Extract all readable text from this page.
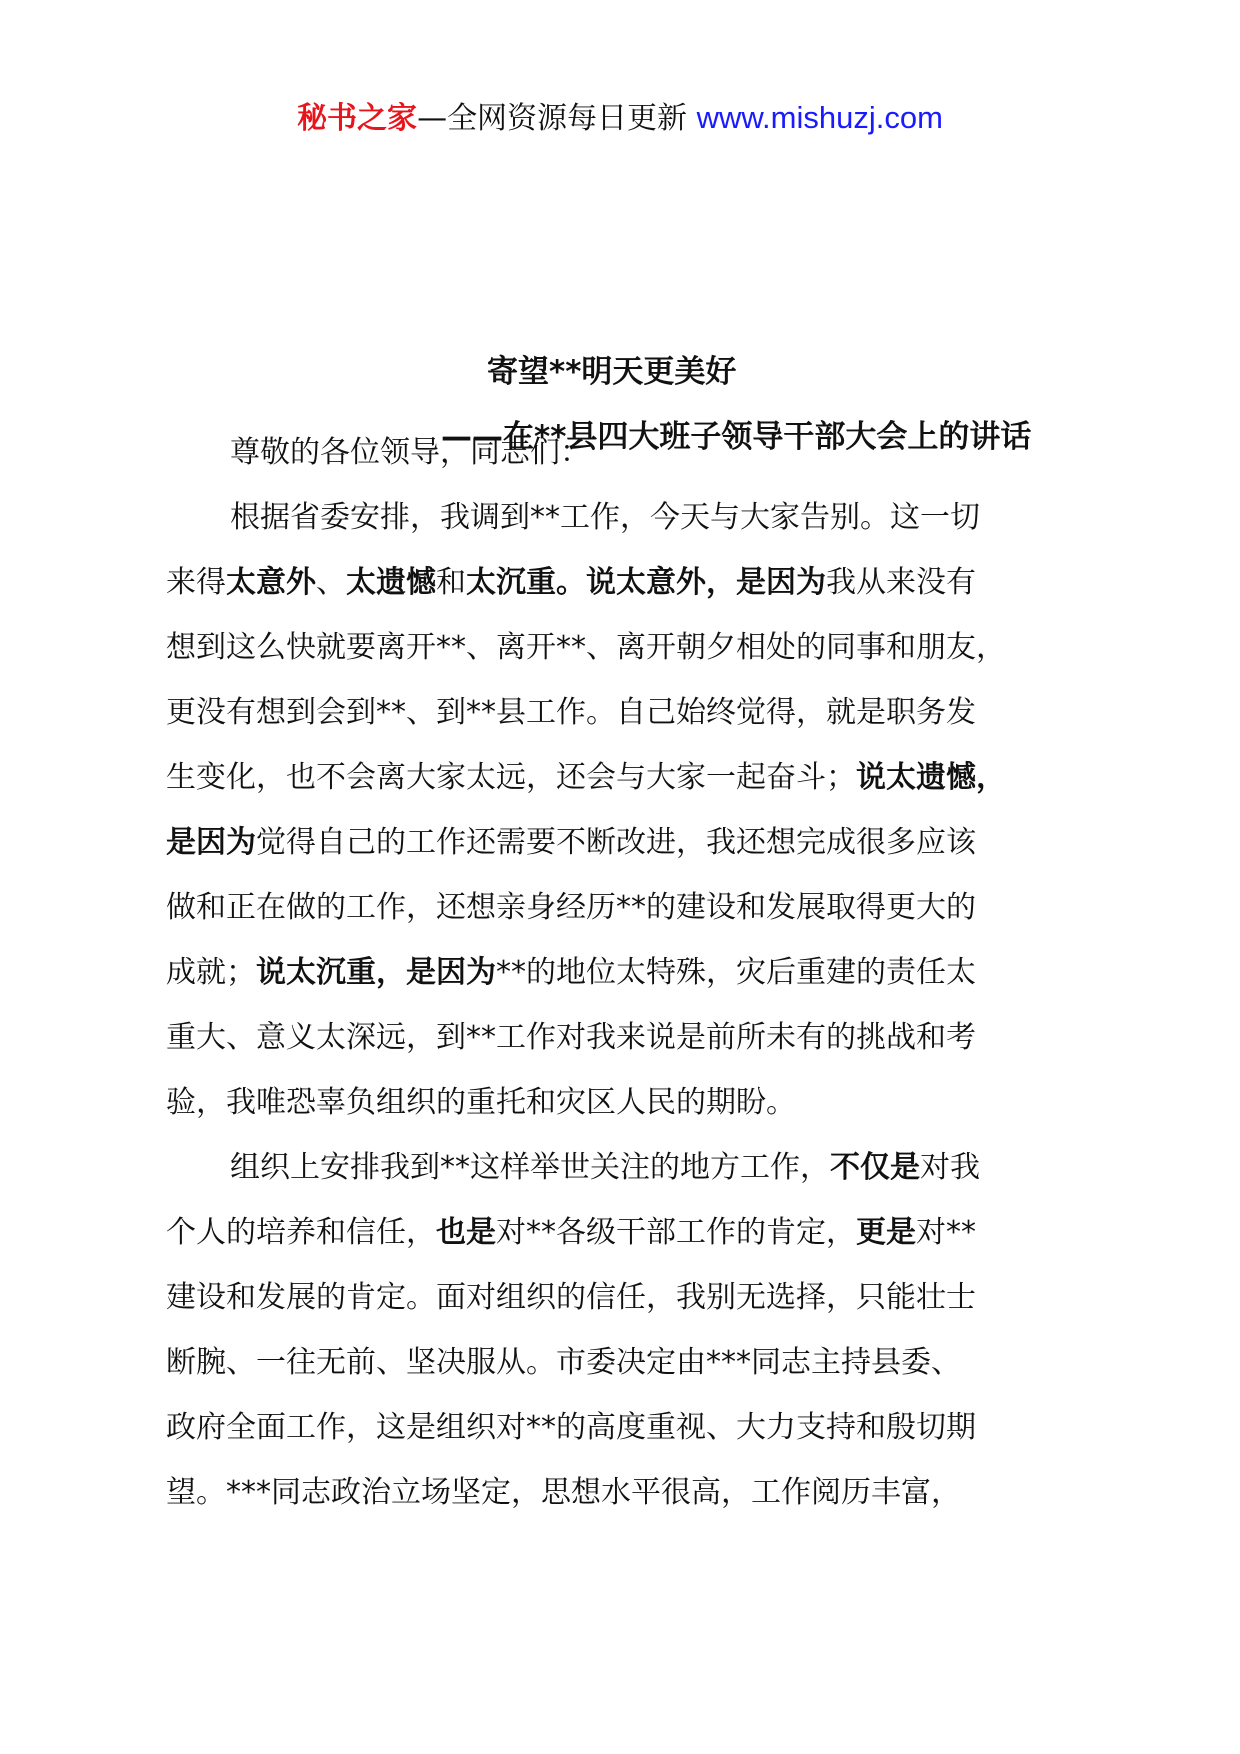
秘书之家—全网资源每日更新 www.mishuzj.com
寄望**明天更美好
——在**县四大班子领导干部大会上的讲话
尊敬的各位领导，同志们：
根据省委安排，我调到**工作，今天与大家告别。这一切
来得太意外、太遗憾和太沉重。说太意外，是因为我从来没有
想到这么快就要离开**、离开**、离开朝夕相处的同事和朋友，
更没有想到会到**、到**县工作。自己始终觉得，就是职务发
生变化，也不会离大家太远，还会与大家一起奋斗；说太遗憾，
是因为觉得自己的工作还需要不断改进，我还想完成很多应该
做和正在做的工作，还想亲身经历**的建设和发展取得更大的
成就；说太沉重，是因为**的地位太特殊，灾后重建的责任太
重大、意义太深远，到**工作对我来说是前所未有的挑战和考
验，我唯恐辜负组织的重托和灾区人民的期盼。
组织上安排我到**这样举世关注的地方工作，不仅是对我
个人的培养和信任，也是对**各级干部工作的肯定，更是对**
建设和发展的肯定。面对组织的信任，我别无选择，只能壮士
断腕、一往无前、坚决服从。市委决定由***同志主持县委、
政府全面工作，这是组织对**的高度重视、大力支持和殷切期
望。***同志政治立场坚定，思想水平很高，工作阅历丰富，
